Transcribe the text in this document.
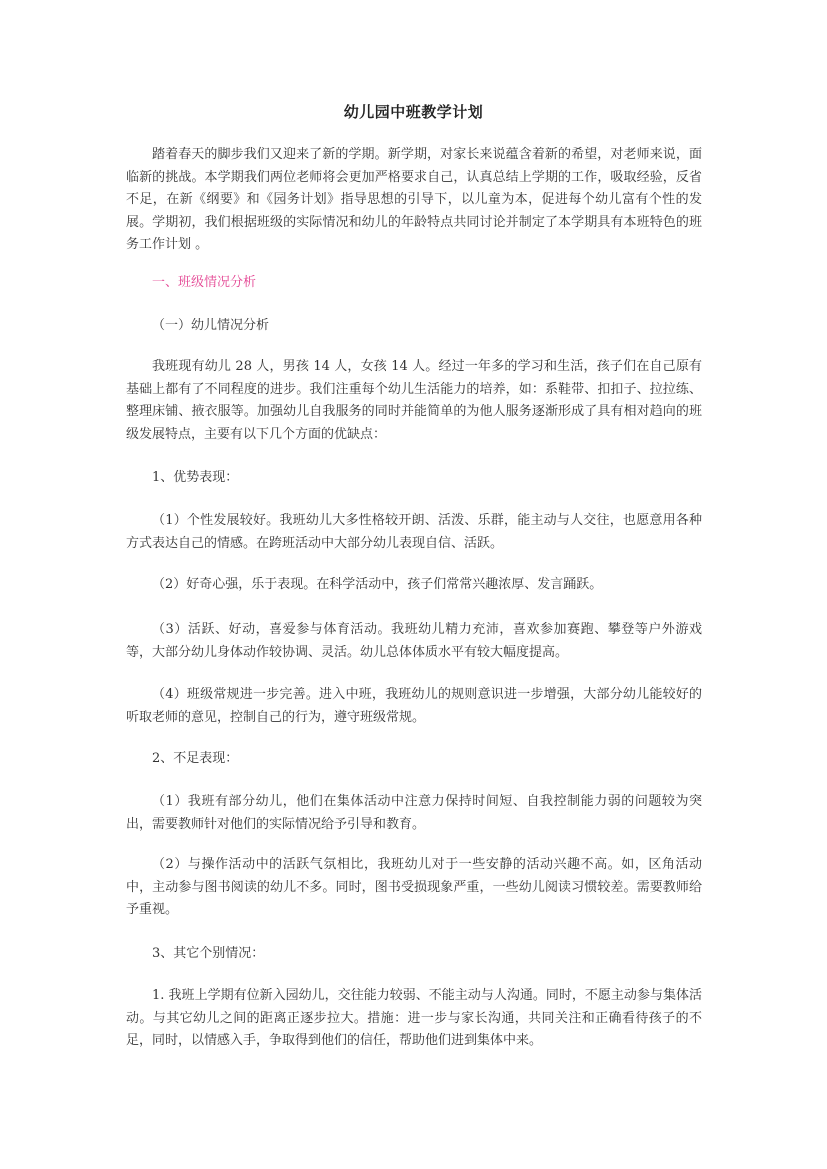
幼儿园中班教学计划

踏着春天的脚步我们又迎来了新的学期。新学期，对家长来说蕴含着新的希望，对老师来说，面临新的挑战。本学期我们两位老师将会更加严格要求自己，认真总结上学期的工作，吸取经验，反省不足，在新《纲要》和《园务计划》指导思想的引导下，以儿童为本，促进每个幼儿富有个性的发展。学期初，我们根据班级的实际情况和幼儿的年龄特点共同讨论并制定了本学期具有本班特色的班务工作计划 。

一、班级情况分析

（一）幼儿情况分析

我班现有幼儿 28 人，男孩 14 人，女孩 14 人。经过一年多的学习和生活，孩子们在自己原有基础上都有了不同程度的进步。我们注重每个幼儿生活能力的培养，如：系鞋带、扣扣子、拉拉练、整理床铺、掖衣服等。加强幼儿自我服务的同时并能简单的为他人服务逐渐形成了具有相对趋向的班级发展特点，主要有以下几个方面的优缺点：

1、优势表现：

（1）个性发展较好。我班幼儿大多性格较开朗、活泼、乐群，能主动与人交往，也愿意用各种方式表达自己的情感。在跨班活动中大部分幼儿表现自信、活跃。

（2）好奇心强，乐于表现。在科学活动中，孩子们常常兴趣浓厚、发言踊跃。

（3）活跃、好动，喜爱参与体育活动。我班幼儿精力充沛，喜欢参加赛跑、攀登等户外游戏等，大部分幼儿身体动作较协调、灵活。幼儿总体体质水平有较大幅度提高。

（4）班级常规进一步完善。进入中班，我班幼儿的规则意识进一步增强，大部分幼儿能较好的听取老师的意见，控制自己的行为，遵守班级常规。

2、不足表现：

（1）我班有部分幼儿，他们在集体活动中注意力保持时间短、自我控制能力弱的问题较为突出，需要教师针对他们的实际情况给予引导和教育。

（2）与操作活动中的活跃气氛相比，我班幼儿对于一些安静的活动兴趣不高。如，区角活动中，主动参与图书阅读的幼儿不多。同时，图书受损现象严重，一些幼儿阅读习惯较差。需要教师给予重视。

3、其它个别情况：

1. 我班上学期有位新入园幼儿，交往能力较弱、不能主动与人沟通。同时，不愿主动参与集体活动。与其它幼儿之间的距离正逐步拉大。措施：进一步与家长沟通，共同关注和正确看待孩子的不足，同时，以情感入手，争取得到他们的信任，帮助他们进到集体中来。
